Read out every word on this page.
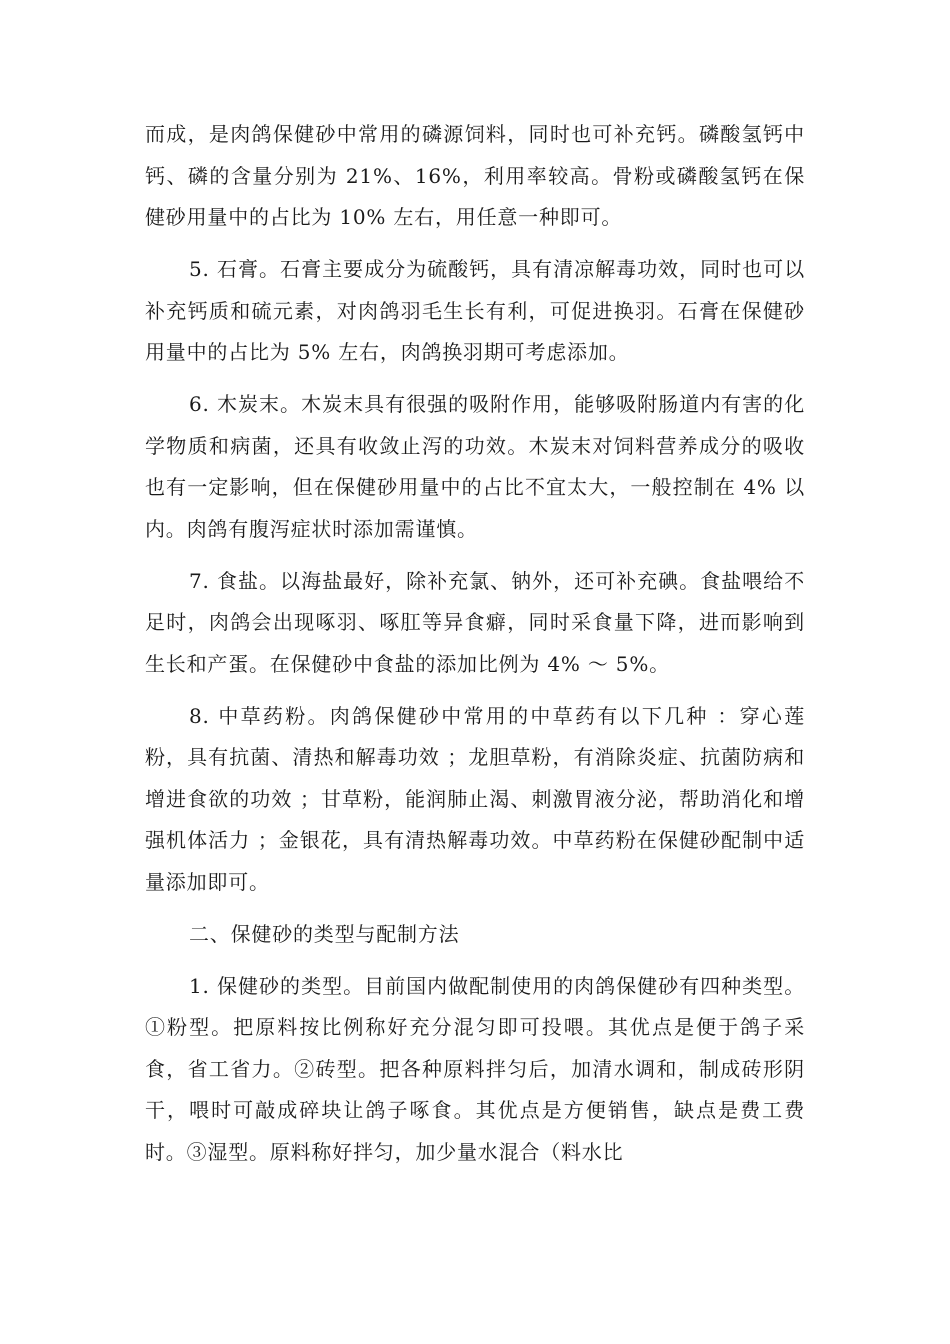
而成，是肉鸽保健砂中常用的磷源饲料，同时也可补充钙。磷酸氢钙中钙、磷的含量分别为 21%、16%，利用率较高。骨粉或磷酸氢钙在保健砂用量中的占比为 10% 左右，用任意一种即可。

5. 石膏。石膏主要成分为硫酸钙，具有清凉解毒功效，同时也可以补充钙质和硫元素，对肉鸽羽毛生长有利，可促进换羽。石膏在保健砂用量中的占比为 5% 左右，肉鸽换羽期可考虑添加。

6. 木炭末。木炭末具有很强的吸附作用，能够吸附肠道内有害的化学物质和病菌，还具有收敛止泻的功效。木炭末对饲料营养成分的吸收也有一定影响，但在保健砂用量中的占比不宜太大，一般控制在 4% 以内。肉鸽有腹泻症状时添加需谨慎。

7. 食盐。以海盐最好，除补充氯、钠外，还可补充碘。食盐喂给不足时，肉鸽会出现啄羽、啄肛等异食癖，同时采食量下降，进而影响到生长和产蛋。在保健砂中食盐的添加比例为 4% ～ 5%。

8. 中草药粉。肉鸽保健砂中常用的中草药有以下几种 ：穿心莲粉，具有抗菌、清热和解毒功效 ；龙胆草粉，有消除炎症、抗菌防病和增进食欲的功效 ；甘草粉，能润肺止渴、刺激胃液分泌，帮助消化和增强机体活力 ；金银花，具有清热解毒功效。中草药粉在保健砂配制中适量添加即可。

二、保健砂的类型与配制方法

1. 保健砂的类型。目前国内做配制使用的肉鸽保健砂有四种类型。①粉型。把原料按比例称好充分混匀即可投喂。其优点是便于鸽子采食，省工省力。②砖型。把各种原料拌匀后，加清水调和，制成砖形阴干，喂时可敲成碎块让鸽子啄食。其优点是方便销售，缺点是费工费时。③湿型。原料称好拌匀，加少量水混合（料水比
